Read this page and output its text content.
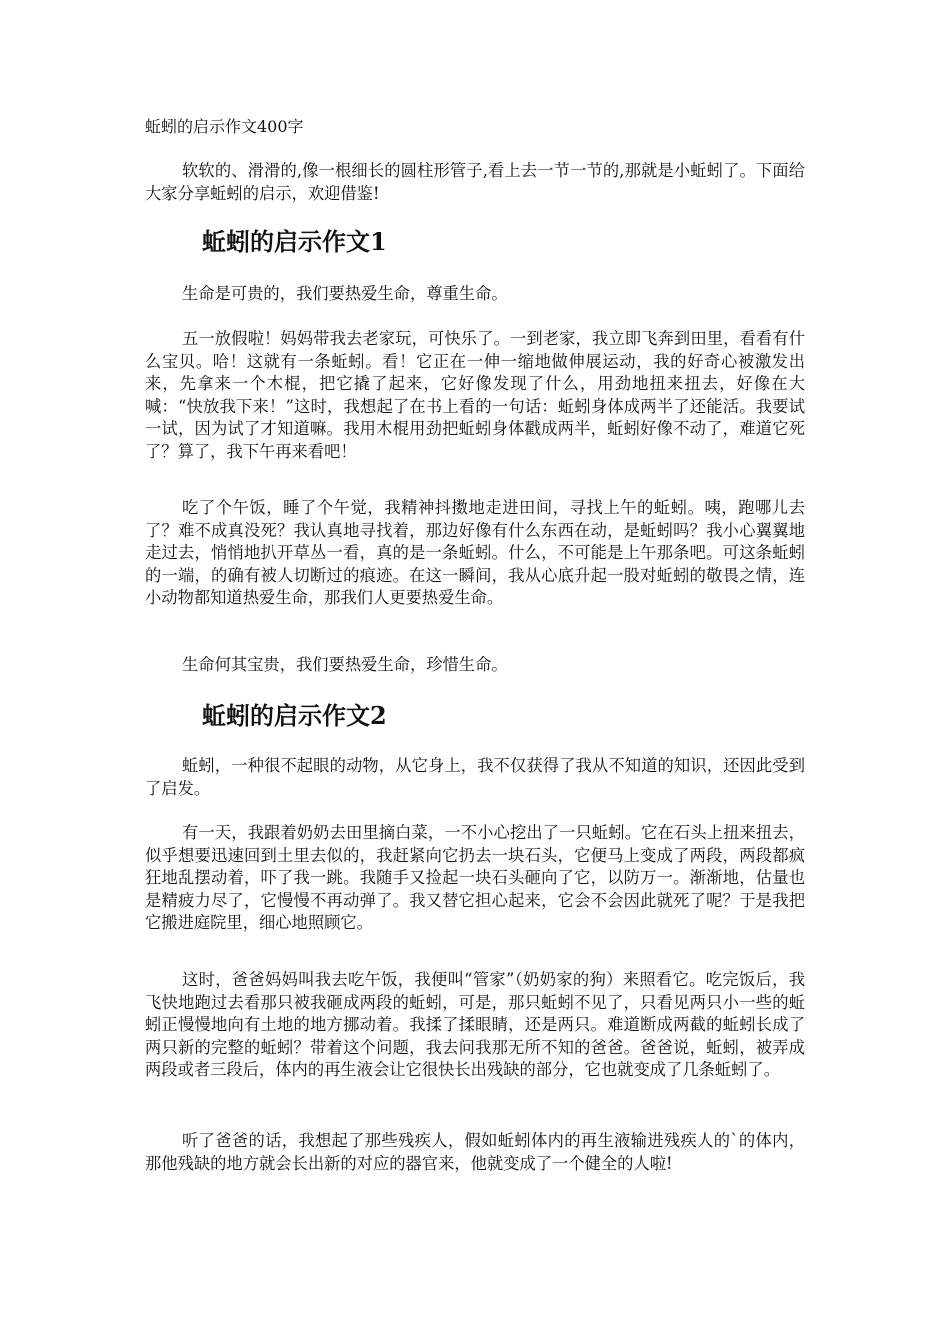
蚯蚓的启示作文400字

软软的、滑滑的,像一根细长的圆柱形管子,看上去一节一节的,那就是小蚯蚓了。下面给大家分享蚯蚓的启示，欢迎借鉴!

蚯蚓的启示作文1

生命是可贵的，我们要热爱生命，尊重生命。

五一放假啦！妈妈带我去老家玩，可快乐了。一到老家，我立即飞奔到田里，看看有什么宝贝。哈！这就有一条蚯蚓。看！它正在一伸一缩地做伸展运动，我的好奇心被激发出来，先拿来一个木棍，把它撬了起来，它好像发现了什么，用劲地扭来扭去，好像在大喊：“快放我下来！”这时，我想起了在书上看的一句话：蚯蚓身体成两半了还能活。我要试一试，因为试了才知道嘛。我用木棍用劲把蚯蚓身体戳成两半，蚯蚓好像不动了，难道它死了？算了，我下午再来看吧！

吃了个午饭，睡了个午觉，我精神抖擞地走进田间，寻找上午的蚯蚓。咦，跑哪儿去了？难不成真没死？我认真地寻找着，那边好像有什么东西在动，是蚯蚓吗？我小心翼翼地走过去，悄悄地扒开草丛一看，真的是一条蚯蚓。什么，不可能是上午那条吧。可这条蚯蚓的一端，的确有被人切断过的痕迹。在这一瞬间，我从心底升起一股对蚯蚓的敬畏之情，连小动物都知道热爱生命，那我们人更要热爱生命。

生命何其宝贵，我们要热爱生命，珍惜生命。

蚯蚓的启示作文2

蚯蚓，一种很不起眼的动物，从它身上，我不仅获得了我从不知道的知识，还因此受到了启发。

有一天，我跟着奶奶去田里摘白菜，一不小心挖出了一只蚯蚓。它在石头上扭来扭去，似乎想要迅速回到土里去似的，我赶紧向它扔去一块石头，它便马上变成了两段，两段都疯狂地乱摆动着，吓了我一跳。我随手又捡起一块石头砸向了它，以防万一。渐渐地，估量也是精疲力尽了，它慢慢不再动弹了。我又替它担心起来，它会不会因此就死了呢？于是我把它搬进庭院里，细心地照顾它。

这时，爸爸妈妈叫我去吃午饭，我便叫“管家”（奶奶家的狗）来照看它。吃完饭后，我飞快地跑过去看那只被我砸成两段的蚯蚓，可是，那只蚯蚓不见了，只看见两只小一些的蚯蚓正慢慢地向有土地的地方挪动着。我揉了揉眼睛，还是两只。难道断成两截的蚯蚓长成了两只新的完整的蚯蚓？带着这个问题，我去问我那无所不知的爸爸。爸爸说，蚯蚓，被弄成两段或者三段后，体内的再生液会让它很快长出残缺的部分，它也就变成了几条蚯蚓了。

听了爸爸的话，我想起了那些残疾人，假如蚯蚓体内的再生液输进残疾人的`的体内，那他残缺的地方就会长出新的对应的器官来，他就变成了一个健全的人啦!
